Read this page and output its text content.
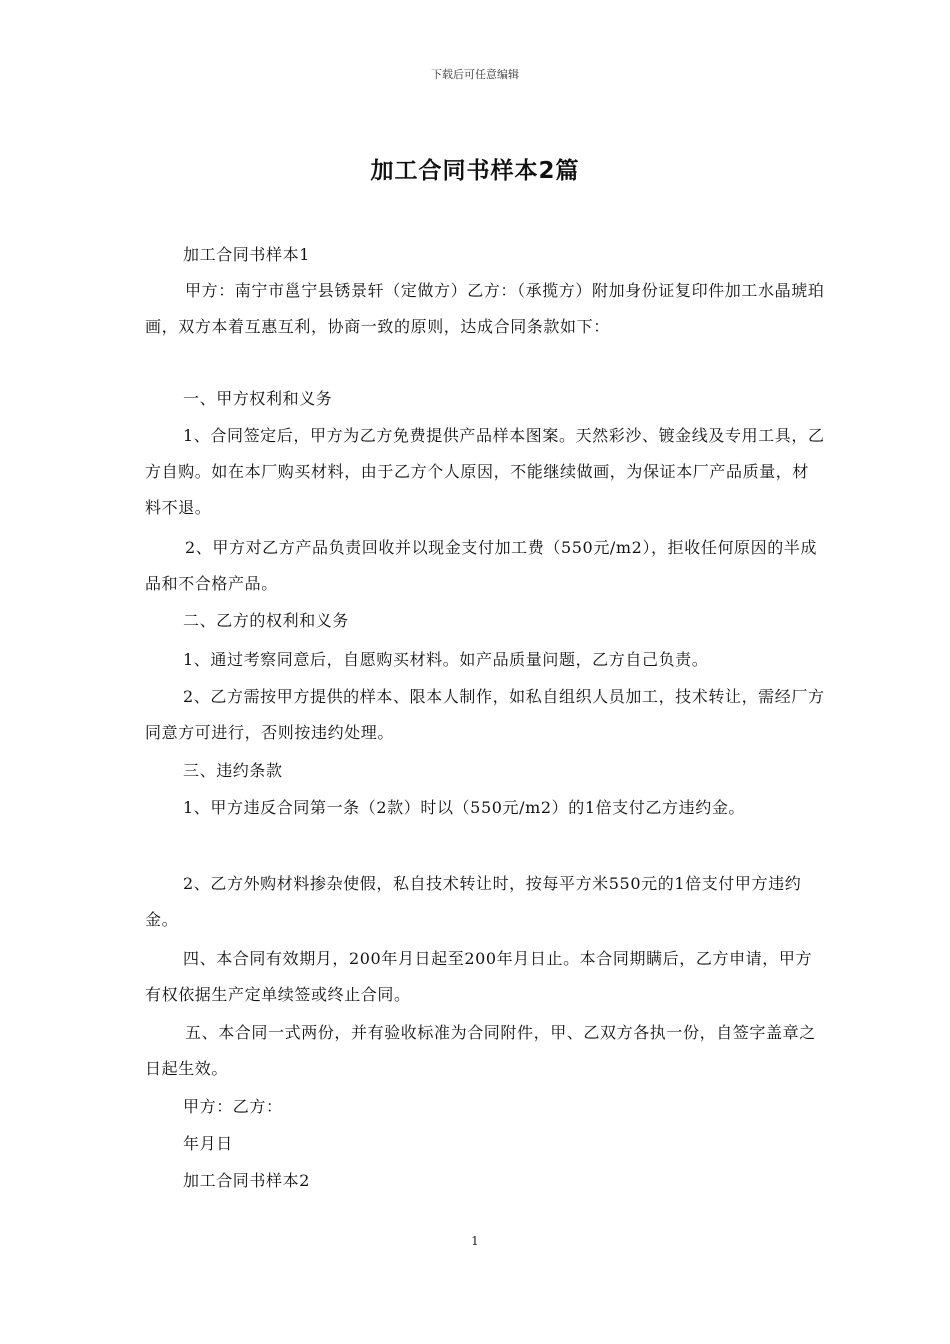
下载后可任意编辑
加工合同书样本2篇
加工合同书样本1
甲方：南宁市邕宁县锈景轩（定做方）乙方：（承揽方）附加身份证复印件加工水晶琥珀画，双方本着互惠互利，协商一致的原则，达成合同条款如下：
一、甲方权利和义务
1、合同签定后，甲方为乙方免费提供产品样本图案。天然彩沙、镀金线及专用工具，乙方自购。如在本厂购买材料，由于乙方个人原因，不能继续做画，为保证本厂产品质量，材料不退。
2、甲方对乙方产品负责回收并以现金支付加工费（550元/m2），拒收任何原因的半成品和不合格产品。
二、乙方的权利和义务
1、通过考察同意后，自愿购买材料。如产品质量问题，乙方自己负责。
2、乙方需按甲方提供的样本、限本人制作，如私自组织人员加工，技术转让，需经厂方同意方可进行，否则按违约处理。
三、违约条款
1、甲方违反合同第一条（2款）时以（550元/m2）的1倍支付乙方违约金。
2、乙方外购材料掺杂使假，私自技术转让时，按每平方米550元的1倍支付甲方违约金。
四、本合同有效期月，200年月日起至200年月日止。本合同期瞒后，乙方申请，甲方有权依据生产定单续签或终止合同。
五、本合同一式两份，并有验收标准为合同附件，甲、乙双方各执一份，自签字盖章之日起生效。
甲方：乙方：
年月日
加工合同书样本2
1
